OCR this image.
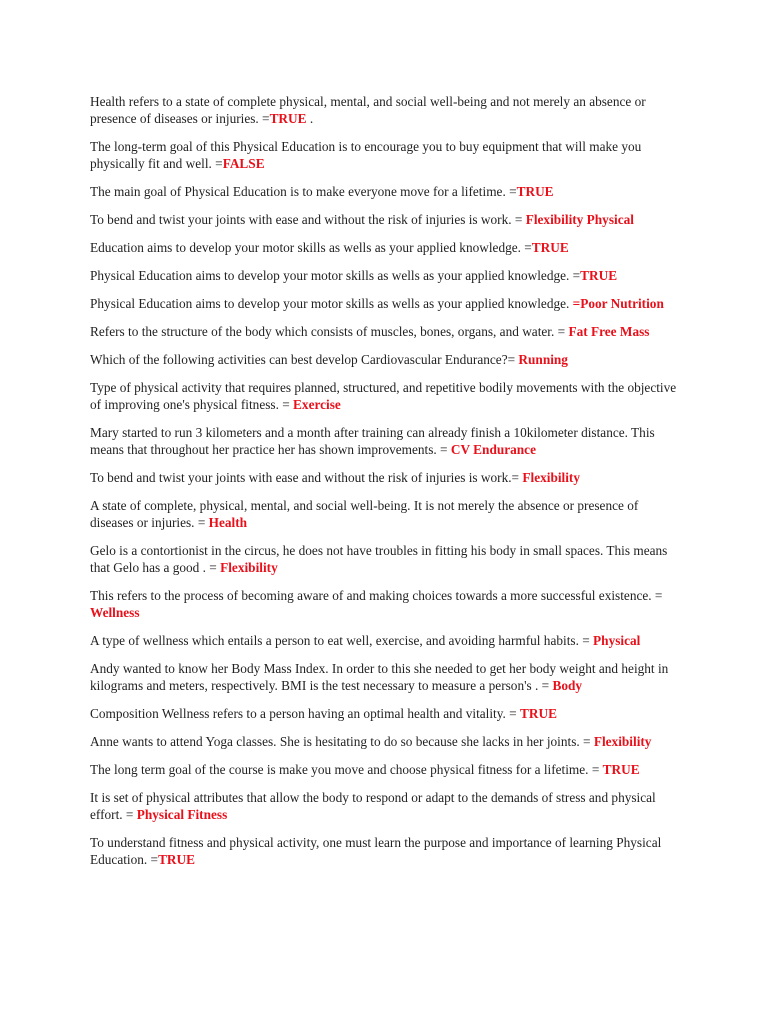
Health refers to a state of complete physical, mental, and social well-being and not merely an absence or presence of diseases or injuries. =TRUE .

The long-term goal of this Physical Education is to encourage you to buy equipment that will make you physically fit and well. =FALSE

The main goal of Physical Education is to make everyone move for a lifetime. =TRUE

To bend and twist your joints with ease and without the risk of injuries is work. = Flexibility Physical

Education aims to develop your motor skills as wells as your applied knowledge. =TRUE

Physical Education aims to develop your motor skills as wells as your applied knowledge. =TRUE

Physical Education aims to develop your motor skills as wells as your applied knowledge. =Poor Nutrition

Refers to the structure of the body which consists of muscles, bones, organs, and water. = Fat Free Mass

Which of the following activities can best develop Cardiovascular Endurance?= Running

Type of physical activity that requires planned, structured, and repetitive bodily movements with the objective of improving one's physical fitness. = Exercise

Mary started to run 3 kilometers and a month after training can already finish a 10kilometer distance. This means that throughout her practice her has shown improvements. = CV Endurance

To bend and twist your joints with ease and without the risk of injuries is work.= Flexibility

A state of complete, physical, mental, and social well-being. It is not merely the absence or presence of diseases or injuries. = Health

Gelo is a contortionist in the circus, he does not have troubles in fitting his body in small spaces. This means that Gelo has a good . = Flexibility

This refers to the process of becoming aware of and making choices towards a more successful existence. = Wellness

A type of wellness which entails a person to eat well, exercise, and avoiding harmful habits. = Physical

Andy wanted to know her Body Mass Index. In order to this she needed to get her body weight and height in kilograms and meters, respectively. BMI is the test necessary to measure a person's . = Body

Composition Wellness refers to a person having an optimal health and vitality. = TRUE

Anne wants to attend Yoga classes. She is hesitating to do so because she lacks in her joints. = Flexibility

The long term goal of the course is make you move and choose physical fitness for a lifetime. = TRUE

It is set of physical attributes that allow the body to respond or adapt to the demands of stress and physical effort. = Physical Fitness

To understand fitness and physical activity, one must learn the purpose and importance of learning Physical Education. =TRUE
